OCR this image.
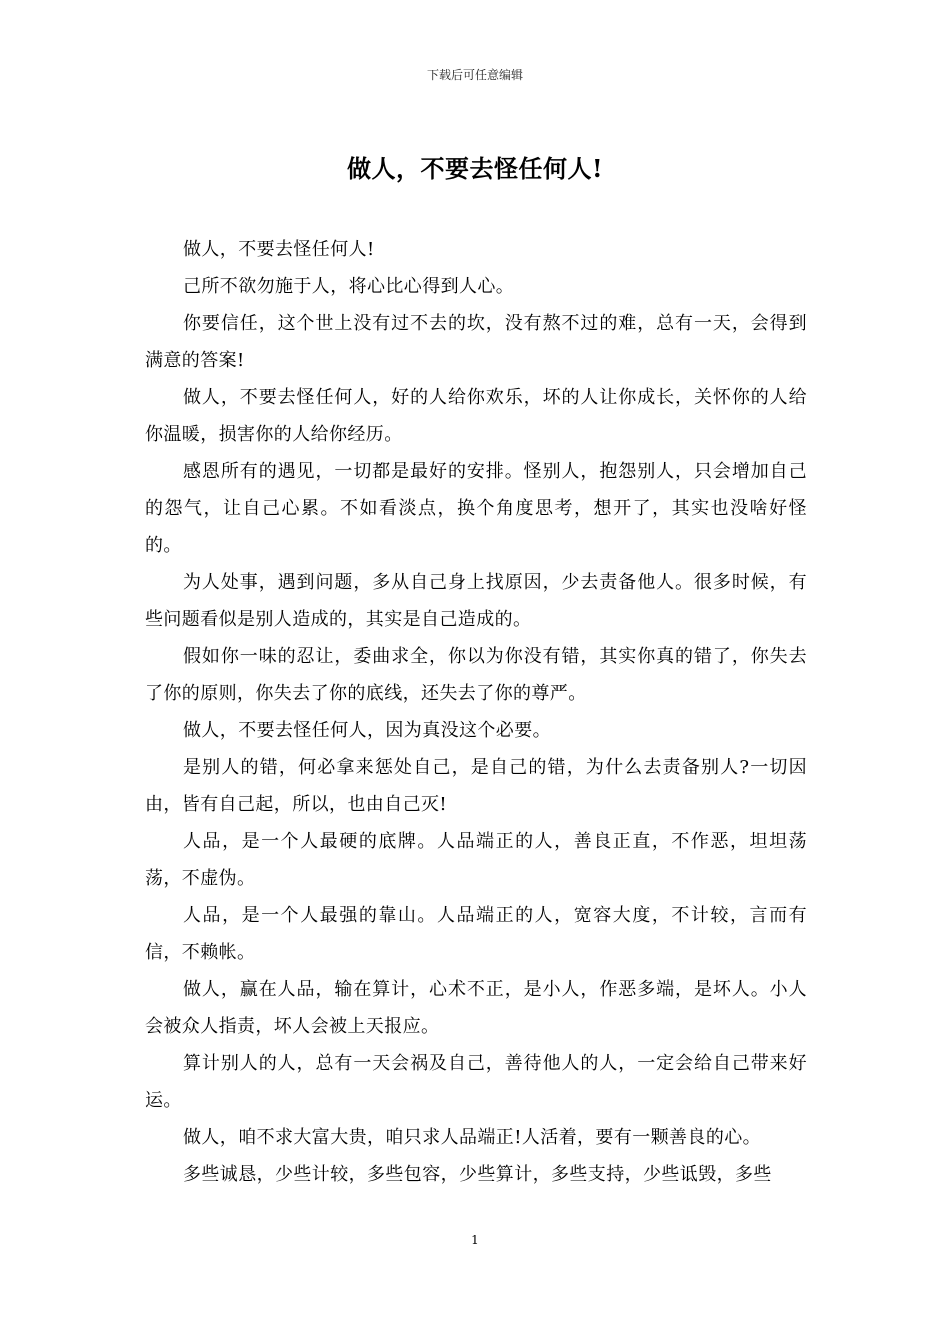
下载后可任意编辑
做人，不要去怪任何人!

做人，不要去怪任何人!

己所不欲勿施于人，将心比心得到人心。

你要信任，这个世上没有过不去的坎，没有熬不过的难，总有一天，会得到满意的答案!

做人，不要去怪任何人，好的人给你欢乐，坏的人让你成长，关怀你的人给你温暖，损害你的人给你经历。

感恩所有的遇见，一切都是最好的安排。怪别人，抱怨别人，只会增加自己的怨气，让自己心累。不如看淡点，换个角度思考，想开了，其实也没啥好怪的。

为人处事，遇到问题，多从自己身上找原因，少去责备他人。很多时候，有些问题看似是别人造成的，其实是自己造成的。

假如你一味的忍让，委曲求全，你以为你没有错，其实你真的错了，你失去了你的原则，你失去了你的底线，还失去了你的尊严。

做人，不要去怪任何人，因为真没这个必要。

是别人的错，何必拿来惩处自己，是自己的错，为什么去责备别人?一切因由，皆有自己起，所以，也由自己灭!

人品，是一个人最硬的底牌。人品端正的人，善良正直，不作恶，坦坦荡荡，不虚伪。

人品，是一个人最强的靠山。人品端正的人，宽容大度，不计较，言而有信，不赖帐。

做人，赢在人品，输在算计，心术不正，是小人，作恶多端，是坏人。小人会被众人指责，坏人会被上天报应。

算计别人的人，总有一天会祸及自己，善待他人的人，一定会给自己带来好运。

做人，咱不求大富大贵，咱只求人品端正!人活着，要有一颗善良的心。

多些诚恳，少些计较，多些包容，少些算计，多些支持，少些诋毁，多些

1
